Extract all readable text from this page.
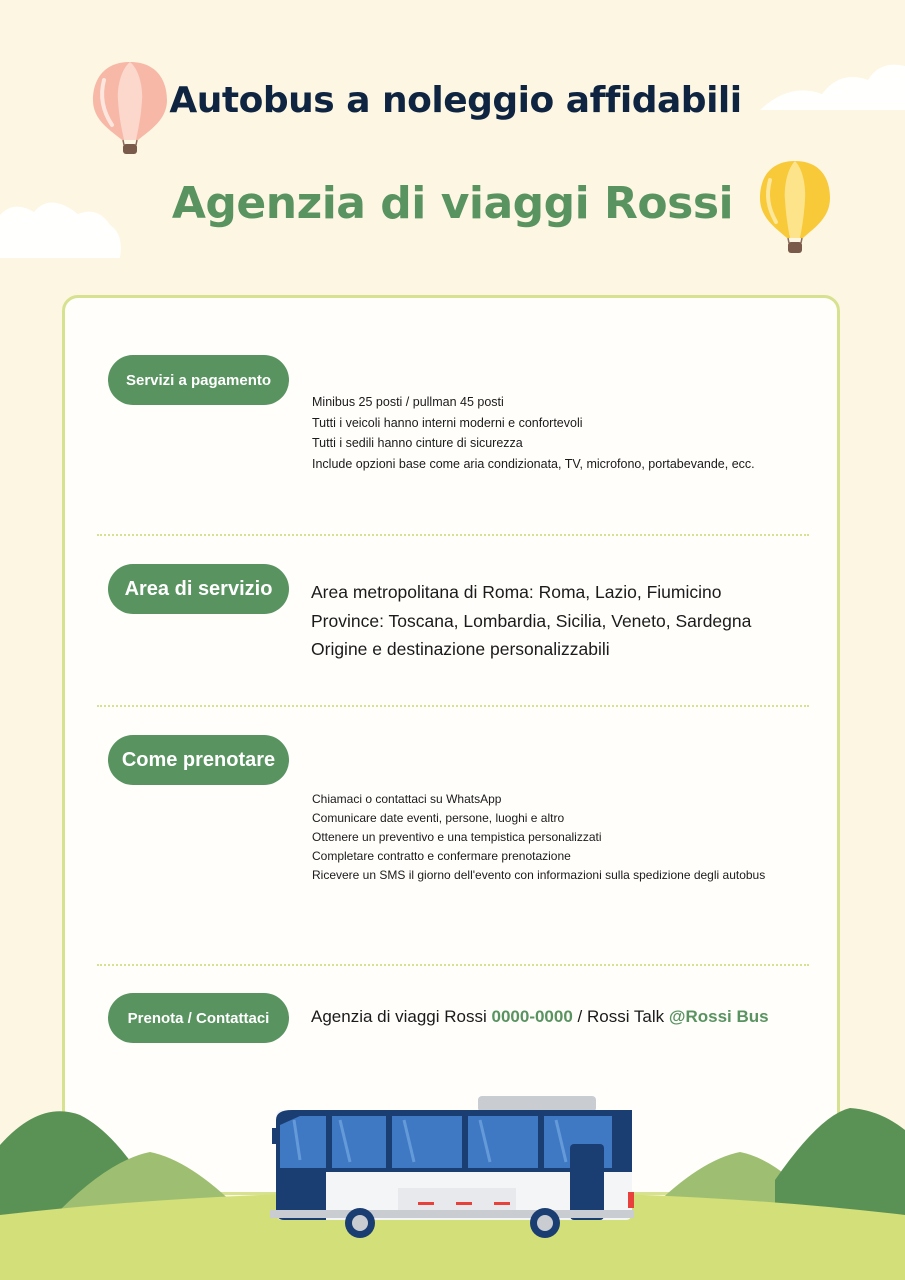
Autobus a noleggio affidabili
Agenzia di viaggi Rossi
Servizi a pagamento
Minibus 25 posti / pullman 45 posti
Tutti i veicoli hanno interni moderni e confortevoli
Tutti i sedili hanno cinture di sicurezza
Include opzioni base come aria condizionata, TV, microfono, portabevande, ecc.
Area di servizio	Area metropolitana di Roma: Roma, Lazio, Fiumicino
Province: Toscana, Lombardia, Sicilia, Veneto, Sardegna
Origine e destinazione personalizzabili
Come prenotare
Chiamaci o contattaci su WhatsApp
Comunicare date eventi, persone, luoghi e altro
Ottenere un preventivo e una tempistica personalizzati
Completare contratto e confermare prenotazione
Ricevere un SMS il giorno dell'evento con informazioni sulla spedizione degli autobus
Prenota / Contattaci	Agenzia di viaggi Rossi 0000-0000 / Rossi Talk @Rossi Bus
